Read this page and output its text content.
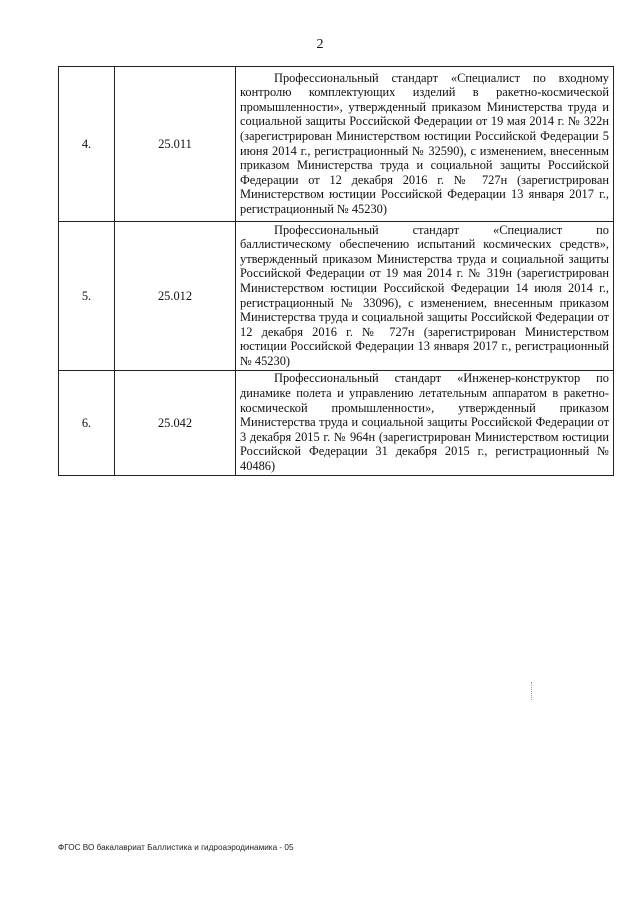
2
4.	25.011	Профессиональный стандарт «Специалист по входному контролю комплектующих изделий в ракетно-космической промышленности», утвержденный приказом Министерства труда и социальной защиты Российской Федерации от 19 мая 2014 г. № 322н (зарегистрирован Министерством юстиции Российской Федерации 5 июня 2014 г., регистрационный № 32590), с изменением, внесенным приказом Министерства труда и социальной защиты Российской Федерации от 12 декабря 2016 г. № 727н (зарегистрирован Министерством юстиции Российской Федерации 13 января 2017 г., регистрационный № 45230)

5.	25.012	Профессиональный стандарт «Специалист по баллистическому обеспечению испытаний космических средств», утвержденный приказом Министерства труда и социальной защиты Российской Федерации от 19 мая 2014 г. № 319н (зарегистрирован Министерством юстиции Российской Федерации 14 июля 2014 г., регистрационный № 33096), с изменением, внесенным приказом Министерства труда и социальной защиты Российской Федерации от 12 декабря 2016 г. № 727н (зарегистрирован Министерством юстиции Российской Федерации 13 января 2017 г., регистрационный № 45230)

6.	25.042	Профессиональный стандарт «Инженер-конструктор по динамике полета и управлению летательным аппаратом в ракетно-космической промышленности», утвержденный приказом Министерства труда и социальной защиты Российской Федерации от 3 декабря 2015 г. № 964н (зарегистрирован Министерством юстиции Российской Федерации 31 декабря 2015 г., регистрационный № 40486)
ФГОС ВО бакалавриат Баллистика и гидроаэродинамика - 05
